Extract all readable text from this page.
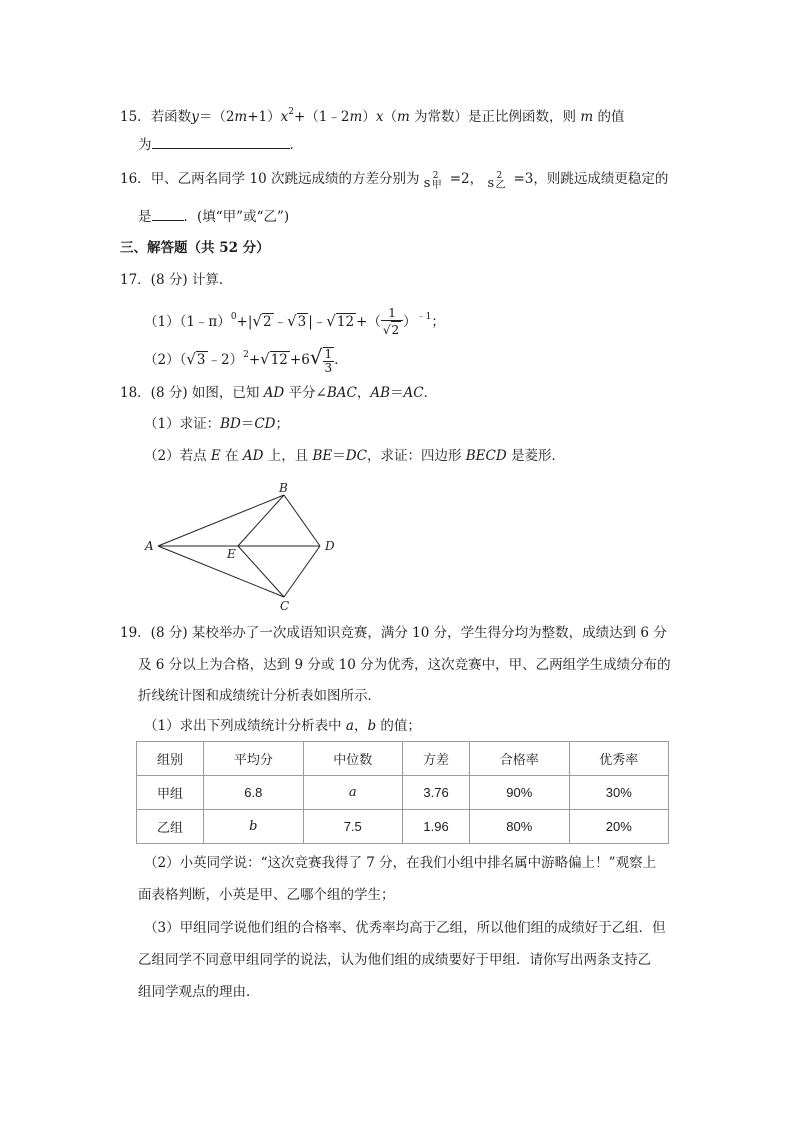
15．若函数$y=(2m+1)x^2+(1﹣2m)x(m$ 为常数）是正比例函数，则 m 的值
为	．
16．甲、乙两名同学 10 次跳远成绩的方差分别为 s 2
甲 =2， s 2
乙 =3，则跳远成绩更稳定的
是 ．(填“甲”或“乙”)
三、解答题（共 52 分）
17．(8 分) 计算．
（1）（1﹣π）$^0$+|√2 ﹣√3 |﹣√12 +（ $\frac{1}{√2} )^{﹣1}$；
（2）（√3 ﹣2）$^2$+√12 $+6√ \frac{1}{3}$ ．
18．(8 分) 如图，已知 AD 平分∠BAC，AB＝AC．
（1）求证：BD＝CD；
（2）若点 E 在 AD 上，且 BE＝DC，求证：四边形 BECD 是菱形．
A
B
C
D
E
19．(8 分) 某校举办了一次成语知识竞赛，满分 10 分，学生得分均为整数，成绩达到 6 分
及 6 分以上为合格，达到 9 分或 10 分为优秀，这次竞赛中，甲、乙两组学生成绩分布的
折线统计图和成绩统计分析表如图所示．
（1）求出下列成绩统计分析表中 a，b 的值；
组别	平均分	中位数	方差	合格率	优秀率
甲组	6.8	a	3.76	90%	30%
乙组	b	7.5	1.96	80%	20%
（2）小英同学说：“这次竞赛我得了 7 分，在我们小组中排名属中游略偏上！”观察上
面表格判断，小英是甲、乙哪个组的学生；
（3）甲组同学说他们组的合格率、优秀率均高于乙组，所以他们组的成绩好于乙组．但
乙组同学不同意甲组同学的说法，认为他们组的成绩要好于甲组．请你写出两条支持乙
组同学观点的理由．
